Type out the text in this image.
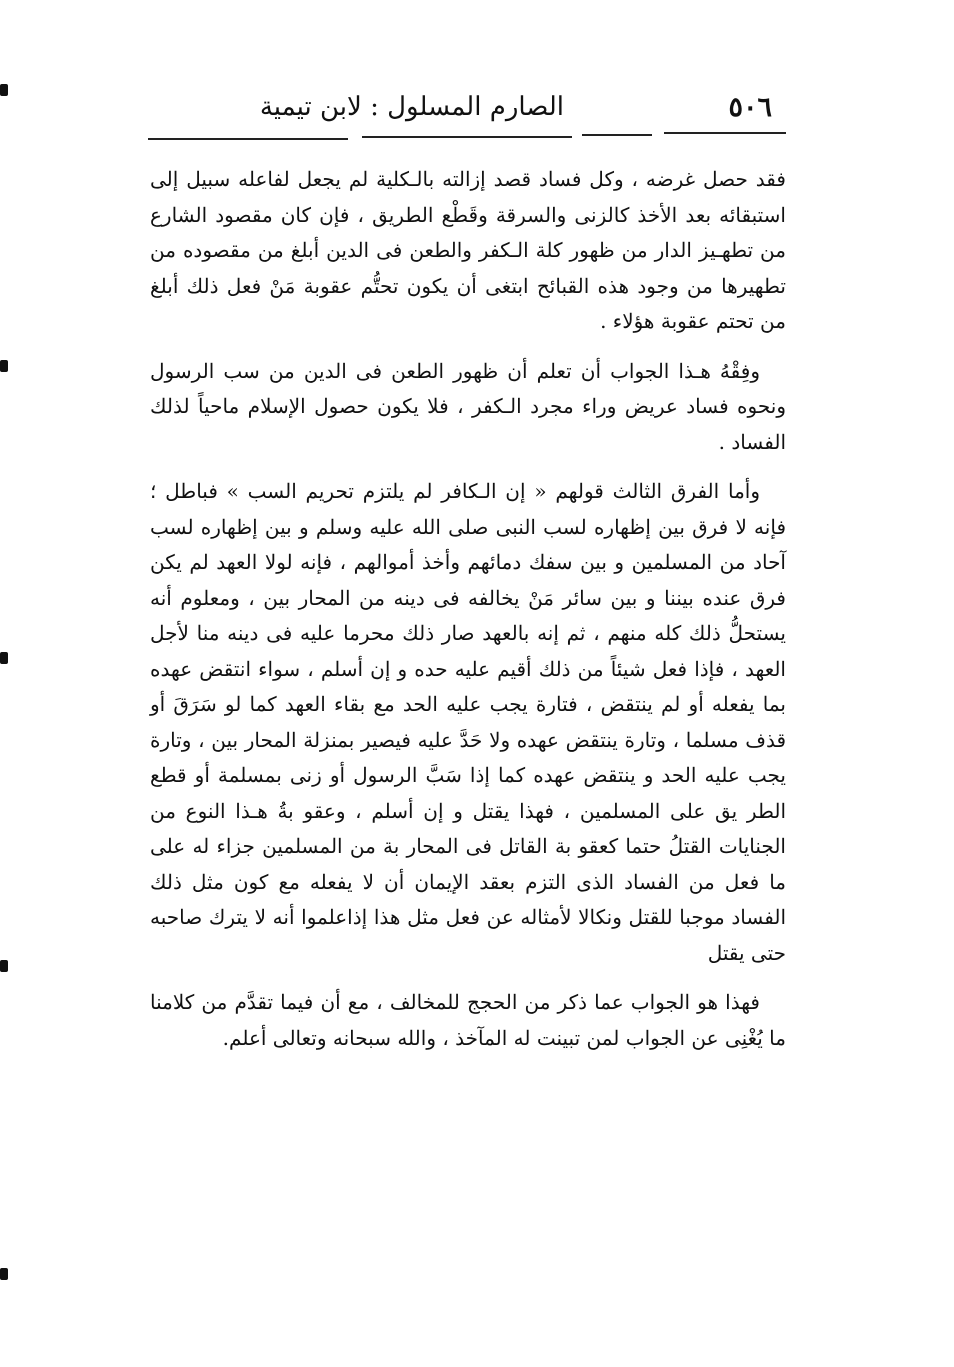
٥٠٦
الصارم المسلول : لابن تيمية

فقد حصل غرضه ، وكل فساد قصد إزالته بالـكلية لم يجعل لفاعله سبيل إلى استبقائه بعد الأخذ كالزنى والسرقة وقَطْع الطريق ، فإن كان مقصود الشارع من تطهـيز الدار من ظهور كلة الـكفر والطعن فى الدين أبلغ من مقصوده من تطهيرها من وجود هذه القبائح ابتغى أن يكون تحتُّم عقوبة مَنْ فعل ذلك أبلغ من تحتم عقوبة هؤلاء .

وفِقْهُ هـذا الجواب أن تعلم أن ظهور الطعن فى الدين من سب الرسول ونحوه فساد عريض وراء مجرد الـكفر ، فلا يكون حصول الإسلام ماحياً لذلك الفساد .

وأما الفرق الثالث قولهم « إن الـكافر لم يلتزم تحريم السب » فباطل ؛ فإنه لا فرق بين إظهاره لسب النبى صلى الله عليه وسلم و بين إظهاره لسب آحاد من المسلمين و بين سفك دمائهم وأخذ أموالهم ، فإنه لولا العهد لم يكن فرق عنده بيننا و بين سائر مَنْ يخالفه فى دينه من المحار بين ، ومعلوم أنه يستحلُّ ذلك كله منهم ، ثم إنه بالعهد صار ذلك محرما عليه فى دينه منا لأجل العهد ، فإذا فعل شيئاً من ذلك أقيم عليه حده و إن أسلم ، سواء انتقض عهده بما يفعله أو لم ينتقض ، فتارة يجب عليه الحد مع بقاء العهد كما لو سَرَقَ أو قذف مسلما ، وتارة ينتقض عهده ولا حَدَّ عليه فيصير بمنزلة المحار بين ، وتارة يجب عليه الحد و ينتقض عهده كما إذا سَبَّ الرسول أو زنى بمسلمة أو قطع الطر يق على المسلمين ، فهذا يقتل و إن أسلم ، وعقو بةُ هـذا النوع من الجنايات القتلُ حتما كعقو بة القاتل فى المحار بة من المسلمين جزاء له على ما فعل من الفساد الذى التزم بعقد الإيمان أن لا يفعله مع كون مثل ذلك الفساد موجبا للقتل ونكالا لأمثاله عن فعل مثل هذا إذاعلموا أنه لا يترك صاحبه حتى يقتل

فهذا هو الجواب عما ذكر من الحجج للمخالف ، مع أن فيما تقدَّم من كلامنا ما يُغْنِى عن الجواب لمن تبينت له المآخذ ، والله سبحانه وتعالى أعلم.
